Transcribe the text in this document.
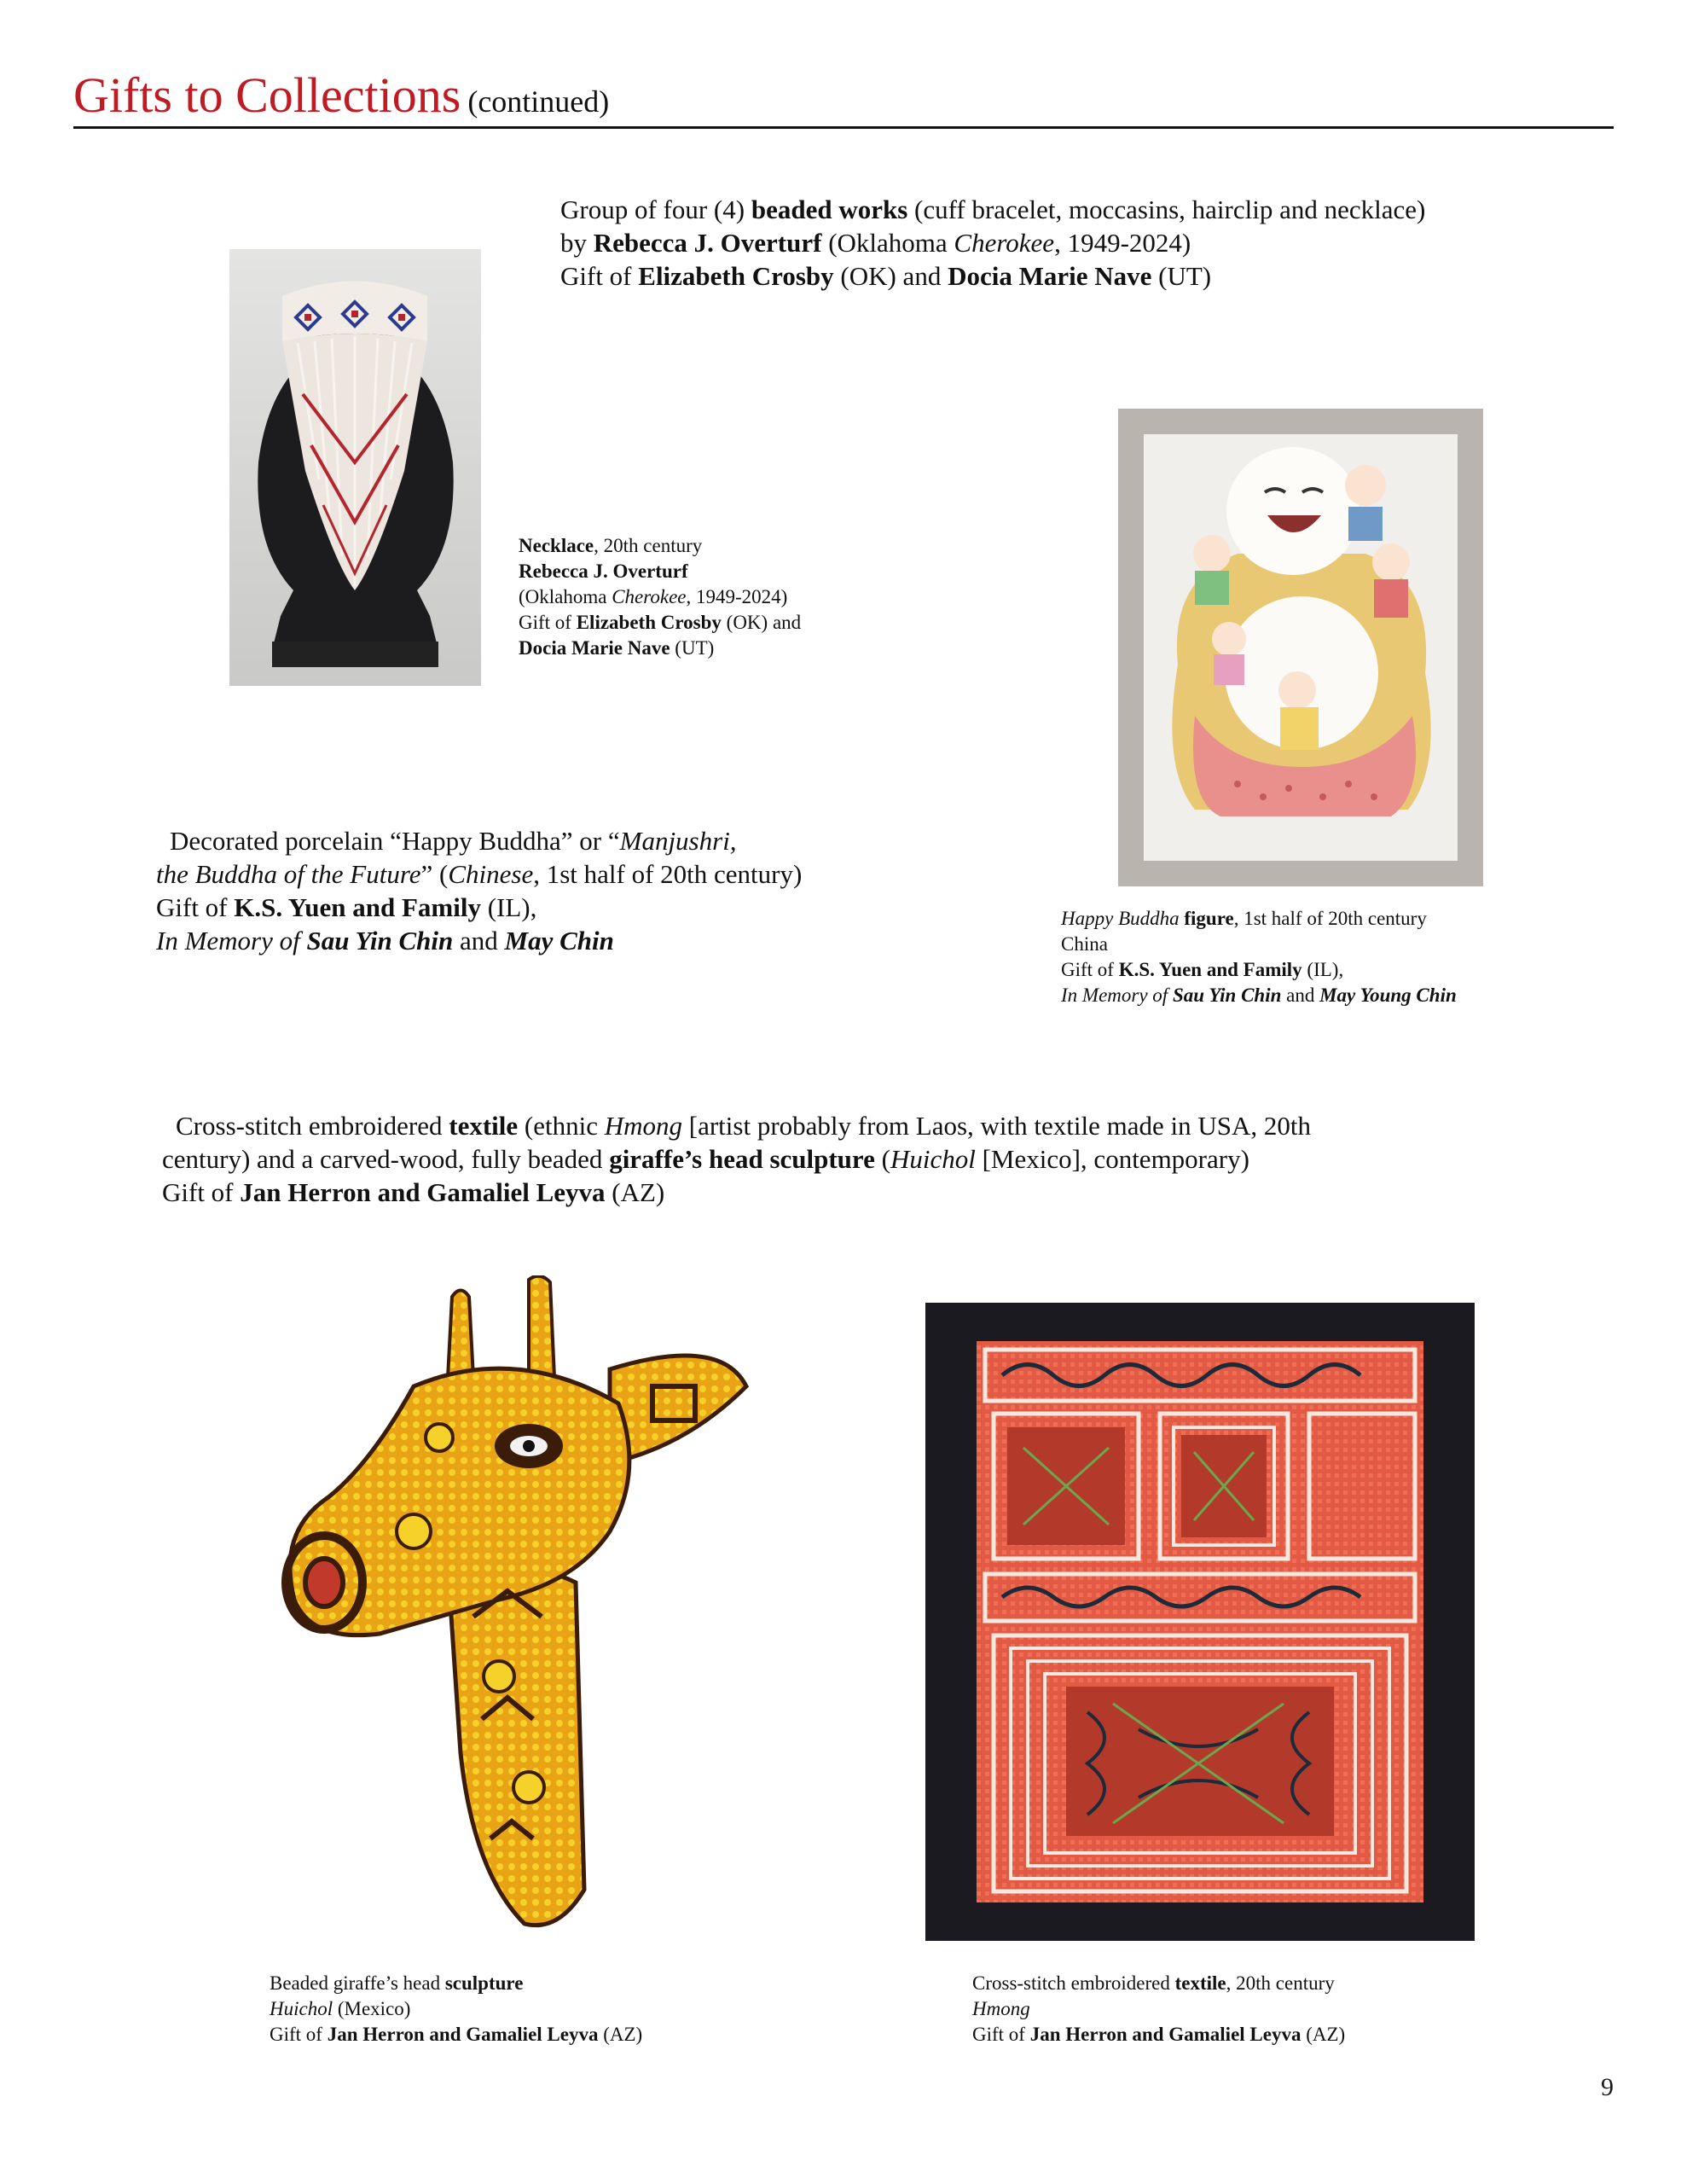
Gifts to Collections (continued)
Group of four (4) beaded works (cuff bracelet, moccasins, hairclip and necklace)
by Rebecca J. Overturf (Oklahoma Cherokee, 1949-2024)
Gift of Elizabeth Crosby (OK) and Docia Marie Nave (UT)
Necklace, 20th century
Rebecca J. Overturf
(Oklahoma Cherokee, 1949-2024)
Gift of Elizabeth Crosby (OK) and
Docia Marie Nave (UT)
Decorated porcelain “Happy Buddha” or “Manjushri,
the Buddha of the Future” (Chinese, 1st half of 20th century)
Gift of K.S. Yuen and Family (IL),
In Memory of Sau Yin Chin and May Chin
Happy Buddha figure, 1st half of 20th century
China
Gift of K.S. Yuen and Family (IL),
In Memory of Sau Yin Chin and May Young Chin
Cross-stitch embroidered textile (ethnic Hmong [artist probably from Laos, with textile made in USA, 20th
century) and a carved-wood, fully beaded giraffe’s head sculpture (Huichol [Mexico], contemporary)
Gift of Jan Herron and Gamaliel Leyva (AZ)
Beaded giraffe’s head sculpture
Huichol (Mexico)
Gift of Jan Herron and Gamaliel Leyva (AZ)
Cross-stitch embroidered textile, 20th century
Hmong
Gift of Jan Herron and Gamaliel Leyva (AZ)
9
